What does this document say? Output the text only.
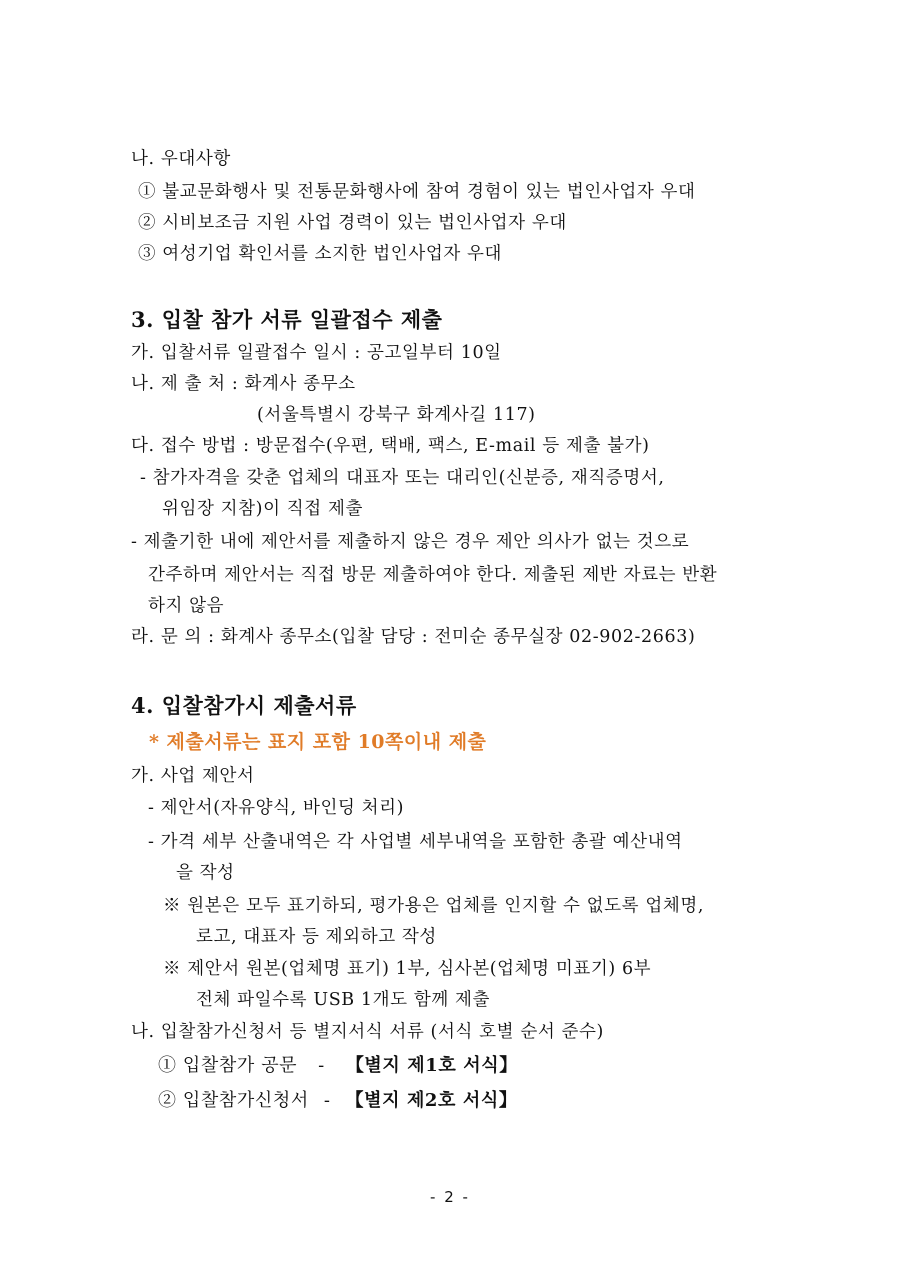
나. 우대사항
① 불교문화행사 및 전통문화행사에 참여 경험이 있는 법인사업자 우대
② 시비보조금 지원 사업 경력이 있는 법인사업자 우대
③ 여성기업 확인서를 소지한 법인사업자 우대
3. 입찰 참가 서류 일괄접수 제출
가. 입찰서류 일괄접수 일시 : 공고일부터 10일
나. 제 출 처 : 화계사 종무소
(서울특별시 강북구 화계사길 117)
다. 접수 방법 : 방문접수(우편, 택배, 팩스, E-mail 등 제출 불가)
- 참가자격을 갖춘 업체의 대표자 또는 대리인(신분증, 재직증명서,
위임장 지참)이 직접 제출
- 제출기한 내에 제안서를 제출하지 않은 경우 제안 의사가 없는 것으로
간주하며 제안서는 직접 방문 제출하여야 한다. 제출된 제반 자료는 반환
하지 않음
라. 문 의 : 화계사 종무소(입찰 담당 : 전미순 종무실장 02-902-2663)
4. 입찰참가시 제출서류
* 제출서류는 표지 포함 10쪽이내 제출
가. 사업 제안서
- 제안서(자유양식, 바인딩 처리)
- 가격 세부 산출내역은 각 사업별 세부내역을 포함한 총괄 예산내역
을 작성
※ 원본은 모두 표기하되, 평가용은 업체를 인지할 수 없도록 업체명,
로고, 대표자 등 제외하고 작성
※ 제안서 원본(업체명 표기) 1부, 심사본(업체명 미표기) 6부
전체 파일수록 USB 1개도 함께 제출
나. 입찰참가신청서 등 별지서식 서류 (서식 호별 순서 준수)
① 입찰참가 공문 - 【별지 제1호 서식】
② 입찰참가신청서 - 【별지 제2호 서식】
- 2 -
